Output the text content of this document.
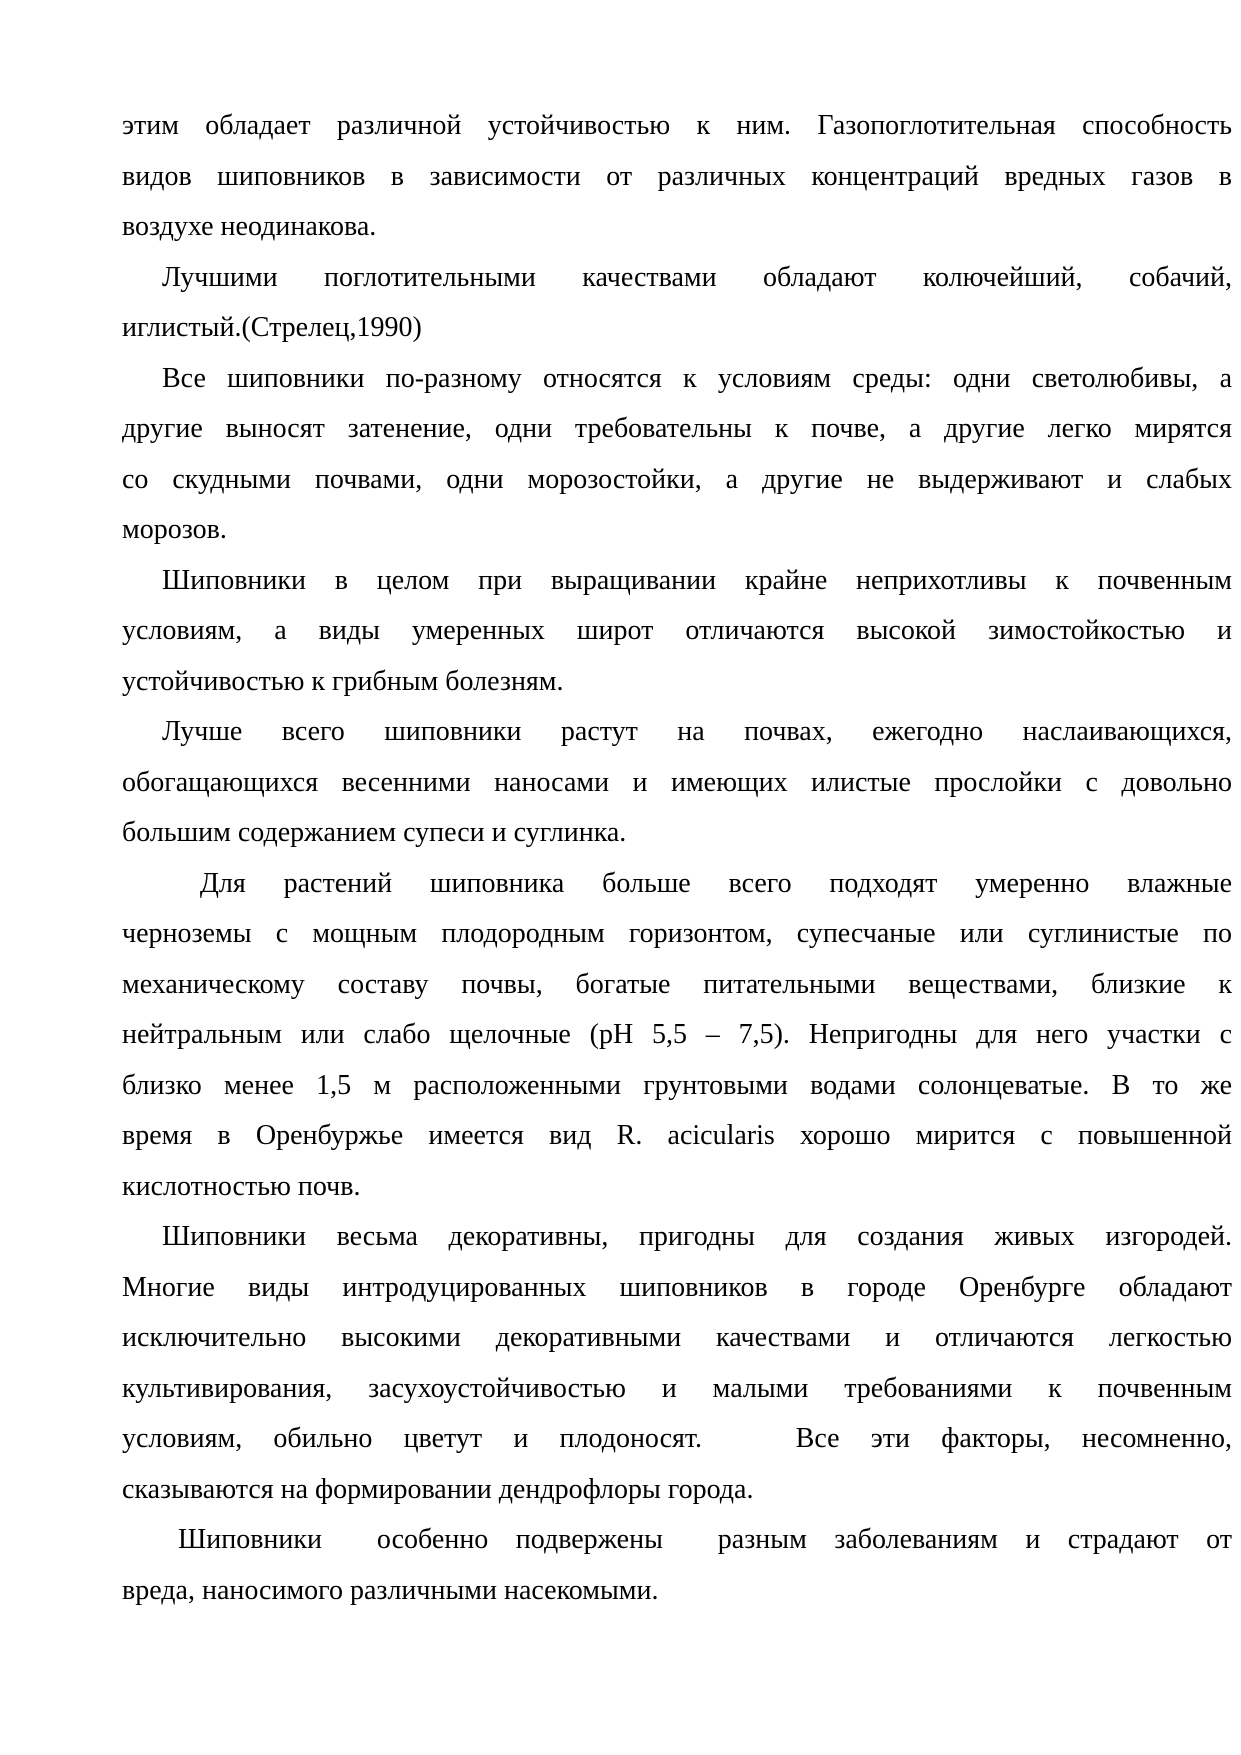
этим обладает различной устойчивостью к ним. Газопоглотительная способность
видов шиповников в зависимости от различных концентраций вредных газов в
воздухе неодинакова.

Лучшими поглотительными качествами обладают колючейший, собачий,
иглистый.(Стрелец,1990)

Все шиповники по-разному относятся к условиям среды: одни светолюбивы, а
другие выносят затенение, одни требовательны к почве, а другие легко мирятся
со скудными почвами, одни морозостойки, а другие не выдерживают и слабых
морозов.

Шиповники в целом при выращивании крайне неприхотливы к почвенным
условиям, а виды умеренных широт отличаются высокой зимостойкостью и
устойчивостью к грибным болезням.

Лучше всего шиповники растут на почвах, ежегодно наслаивающихся,
обогащающихся весенними наносами и имеющих илистые прослойки с довольно
большим содержанием супеси и суглинка.

Для растений шиповника больше всего подходят умеренно влажные
черноземы с мощным плодородным горизонтом, супесчаные или суглинистые по
механическому составу почвы, богатые питательными веществами, близкие к
нейтральным или слабо щелочные (рН 5,5 – 7,5). Непригодны для него участки с
близко менее 1,5 м расположенными грунтовыми водами солонцеватые. В то же
время в Оренбуржье имеется вид R. acicularis хорошо мирится с повышенной
кислотностью почв.

Шиповники весьма декоративны, пригодны для создания живых изгородей.
Многие виды интродуцированных шиповников в городе Оренбурге обладают
исключительно высокими декоративными качествами и отличаются легкостью
культивирования, засухоустойчивостью и малыми требованиями к почвенным
условиям, обильно цветут и плодоносят.   Все эти факторы, несомненно,
сказываются на формировании дендрофлоры города.

Шиповники  особенно подвержены  разным заболеваниям и страдают от
вреда, наносимого различными насекомыми.
